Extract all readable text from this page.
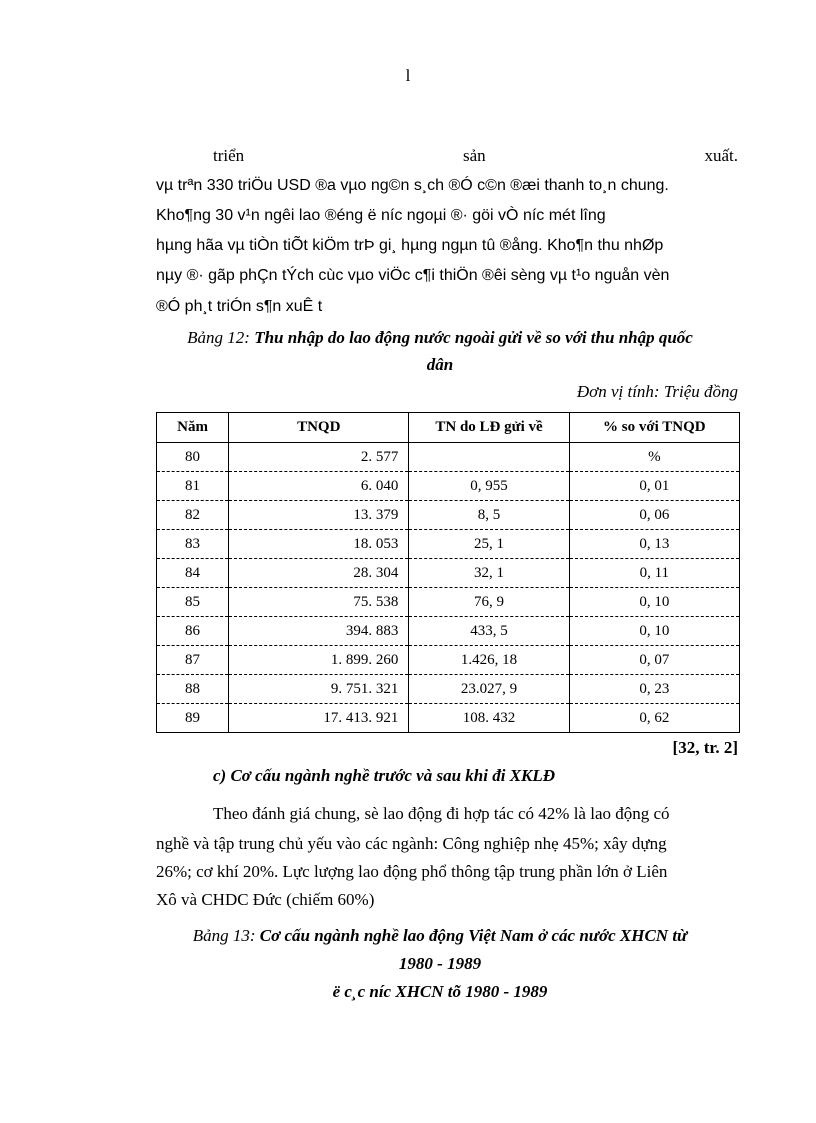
l
triển	sản	xuất.
vµ trªn 330 triÖu USD ®a vµo ng©n s¸ch ®Ó c©n ®æi thanh to¸n chung.
Kho¶ng 30 v¹n ngêi lao ®éng ë níc ngoµi ®· göi vÒ níc mét lîng
hµng hãa vµ tiÒn tiÕt kiÖm trÞ gi¸ hµng ngµn tû ®ång. Kho¶n thu nhØp
nµy ®· gãp phÇn tÝch cùc vµo viÖc c¶i thiÖn ®êi sèng vµ t¹o nguån vèn
®Ó ph¸t triÓn s¶n xuÊ t
Bảng 12: Thu nhập do lao động nước ngoài gửi về so với thu nhập quốc
dân
Đơn vị tính: Triệu đồng
Năm	TNQD	TN do LĐ gửi về	% so với TNQD
80	2. 577		%
81	6. 040	0, 955	0, 01
82	13. 379	8, 5	0, 06
83	18. 053	25, 1	0, 13
84	28. 304	32, 1	0, 11
85	75. 538	76, 9	0, 10
86	394. 883	433, 5	0, 10
87	1. 899. 260	1.426, 18	0, 07
88	9. 751. 321	23.027, 9	0, 23
89	17. 413. 921	108. 432	0, 62
[32, tr. 2]
c) Cơ cấu ngành nghề trước và sau khi đi XKLĐ
Theo đánh giá chung, sè lao động đi hợp tác có 42% là lao động có
nghề và tập trung chủ yếu vào các ngành: Công nghiệp nhẹ 45%; xây dựng
26%; cơ khí 20%. Lực lượng lao động phổ thông tập trung phần lớn ở Liên
Xô và CHDC Đức (chiếm 60%)
Bảng 13: Cơ cấu ngành nghề lao động Việt Nam ở các nước XHCN từ
1980 - 1989
ë c¸c níc XHCN tõ 1980 - 1989
